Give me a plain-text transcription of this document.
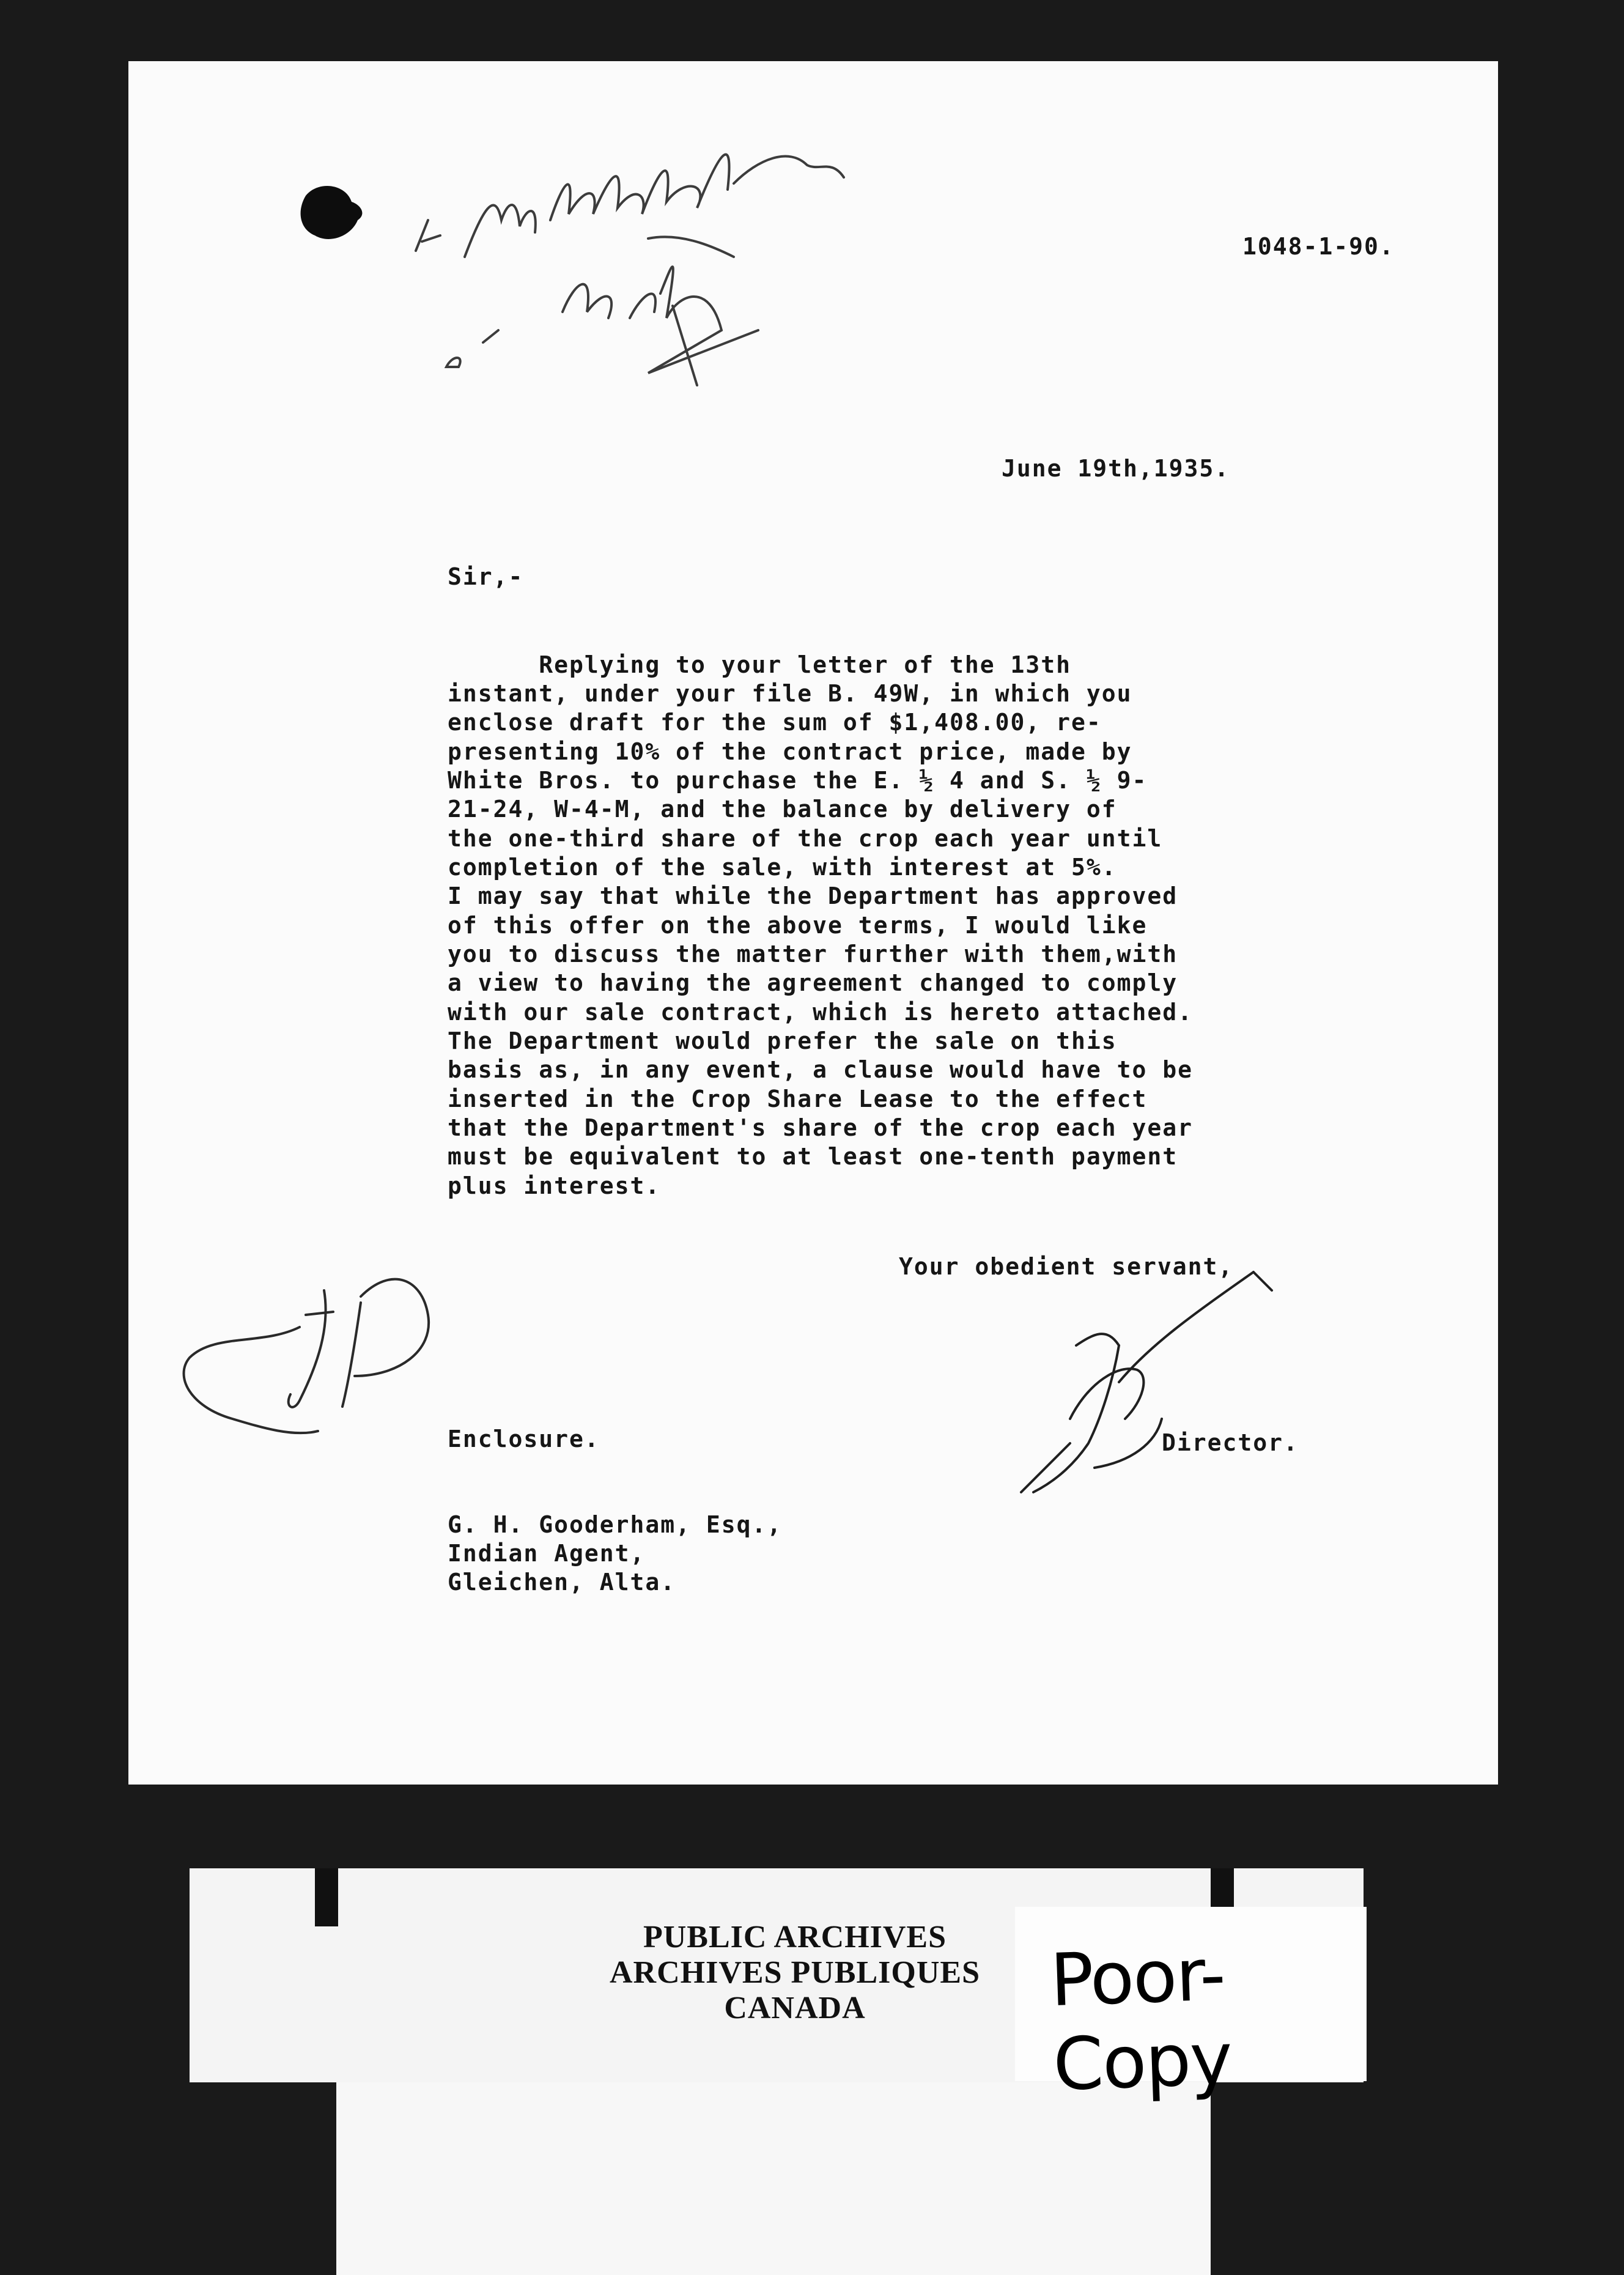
1048-1-90.
June 19th,1935.
Sir,-
Replying to your letter of the 13th
instant, under your file B. 49W, in which you
enclose draft for the sum of $1,408.00, re-
presenting 10% of the contract price, made by
White Bros. to purchase the E. ½ 4 and S. ½ 9-
21-24, W-4-M, and the balance by delivery of
the one-third share of the crop each year until
completion of the sale, with interest at 5%.
I may say that while the Department has approved
of this offer on the above terms, I would like
you to discuss the matter further with them,with
a view to having the agreement changed to comply
with our sale contract, which is hereto attached.
The Department would prefer the sale on this
basis as, in any event, a clause would have to be
inserted in the Crop Share Lease to the effect
that the Department's share of the crop each year
must be equivalent to at least one-tenth payment
plus interest.
Your obedient servant,
Enclosure.	Director.
G. H. Gooderham, Esq.,
Indian Agent,
Gleichen, Alta.
PUBLIC ARCHIVES
ARCHIVES PUBLIQUES
CANADA	Poor-Copy
